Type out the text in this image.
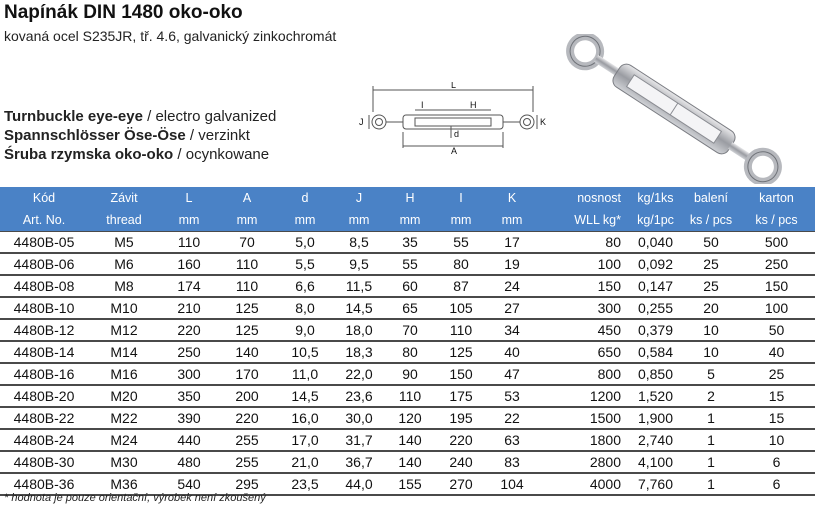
Napínák DIN 1480 oko-oko
kovaná ocel S235JR, tř. 4.6, galvanický zinkochromát
Turnbuckle eye-eye / electro galvanized
Spannschlösser Öse-Öse / verzinkt
Śruba rzymska oko-oko / ocynkowane
L
A
H
I
J	K
d
Kód	Závit	L	A	d	J	H	I	K	nosnost	kg/1ks	balení	karton
Art. No.	thread	mm	mm	mm	mm	mm	mm	mm	WLL kg*	kg/1pc	ks / pcs	ks / pcs
4480B-05	M5	110	70	5,0	8,5	35	55	17	80	0,040	50	500
4480B-06	M6	160	110	5,5	9,5	55	80	19	100	0,092	25	250
4480B-08	M8	174	110	6,6	11,5	60	87	24	150	0,147	25	150
4480B-10	M10	210	125	8,0	14,5	65	105	27	300	0,255	20	100
4480B-12	M12	220	125	9,0	18,0	70	110	34	450	0,379	10	50
4480B-14	M14	250	140	10,5	18,3	80	125	40	650	0,584	10	40
4480B-16	M16	300	170	11,0	22,0	90	150	47	800	0,850	5	25
4480B-20	M20	350	200	14,5	23,6	110	175	53	1200	1,520	2	15
4480B-22	M22	390	220	16,0	30,0	120	195	22	1500	1,900	1	15
4480B-24	M24	440	255	17,0	31,7	140	220	63	1800	2,740	1	10
4480B-30	M30	480	255	21,0	36,7	140	240	83	2800	4,100	1	6
4480B-36	M36	540	295	23,5	44,0	155	270	104	4000	7,760	1	6
* hodnota je pouze orientační, výrobek není zkoušený
